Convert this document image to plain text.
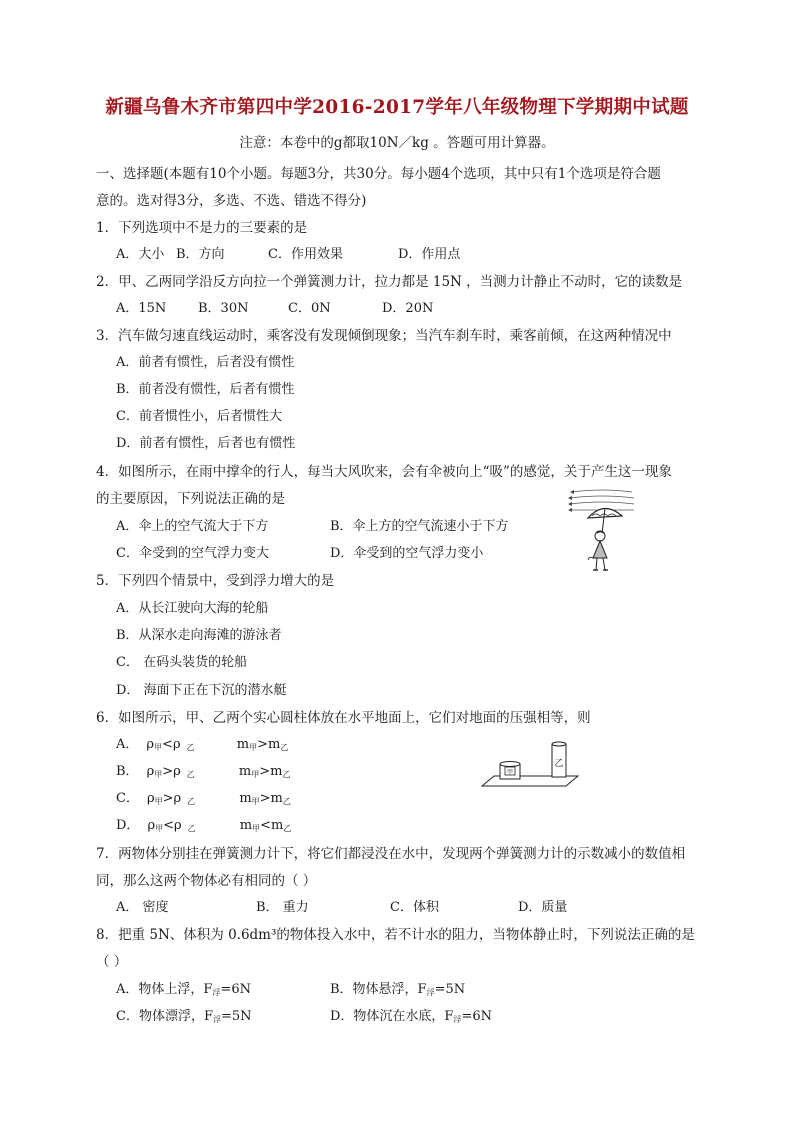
新疆乌鲁木齐市第四中学2016-2017学年八年级物理下学期期中试题
注意：本卷中的g都取10N／kg 。答题可用计算器。
一、选择题(本题有10个小题。每题3分，共30分。每小题4个选项，其中只有1个选项是符合题
意的。选对得3分，多选、不选、错选不得分)
1．下列选项中不是力的三要素的是
A．大小 B．方向	C．作用效果	D．作用点
2．甲、乙两同学沿反方向拉一个弹簧测力计，拉力都是 15N ，当测力计静止不动时，它的读数是
A．15N B．30N	C．0N	D．20N
3．汽车做匀速直线运动时，乘客没有发现倾倒现象；当汽车刹车时，乘客前倾，在这两种情况中
A．前者有惯性，后者没有惯性
B．前者没有惯性，后者有惯性
C．前者惯性小，后者惯性大
D．前者有惯性，后者也有惯性
4．如图所示，在雨中撑伞的行人，每当大风吹来，会有伞被向上“吸”的感觉，关于产生这一现象
的主要原因，下列说法正确的是
A．伞上的空气流大于下方	B．伞上方的空气流速小于下方
C．伞受到的空气浮力变大	D．伞受到的空气浮力变小
5．下列四个情景中，受到浮力增大的是
A．从长江驶向大海的轮船
B．从深水走向海滩的游泳者
C． 在码头装货的轮船
D． 海面下正在下沉的潜水艇
6．如图所示，甲、乙两个实心圆柱体放在水平地面上，它们对地面的压强相等，则
A． $\rho_甲<\rho$ $_乙$	$m_甲>m_乙$
B． $\rho_甲>\rho$ $_乙$	$m_甲>m_乙$
C． $\rho_甲>\rho$ $_乙$	$m_甲>m_乙$
D． $\rho_甲<\rho$ $_乙$	$m_甲<m_乙$
甲
乙
7．两物体分别挂在弹簧测力计下，将它们都浸没在水中，发现两个弹簧测力计的示数减小的数值相
同，那么这两个物体必有相同的（ ）
A． 密度	B． 重力	C．体积	D．质量
8．把重 5N、体积为 0.6dm³的物体投入水中，若不计水的阻力，当物体静止时，下列说法正确的是
（ ）
A．物体上浮，$F_浮=6N$	B．物体悬浮，$F_浮=5N$
C．物体漂浮，$F_浮=5N$	D．物体沉在水底，$F_浮=6N$
